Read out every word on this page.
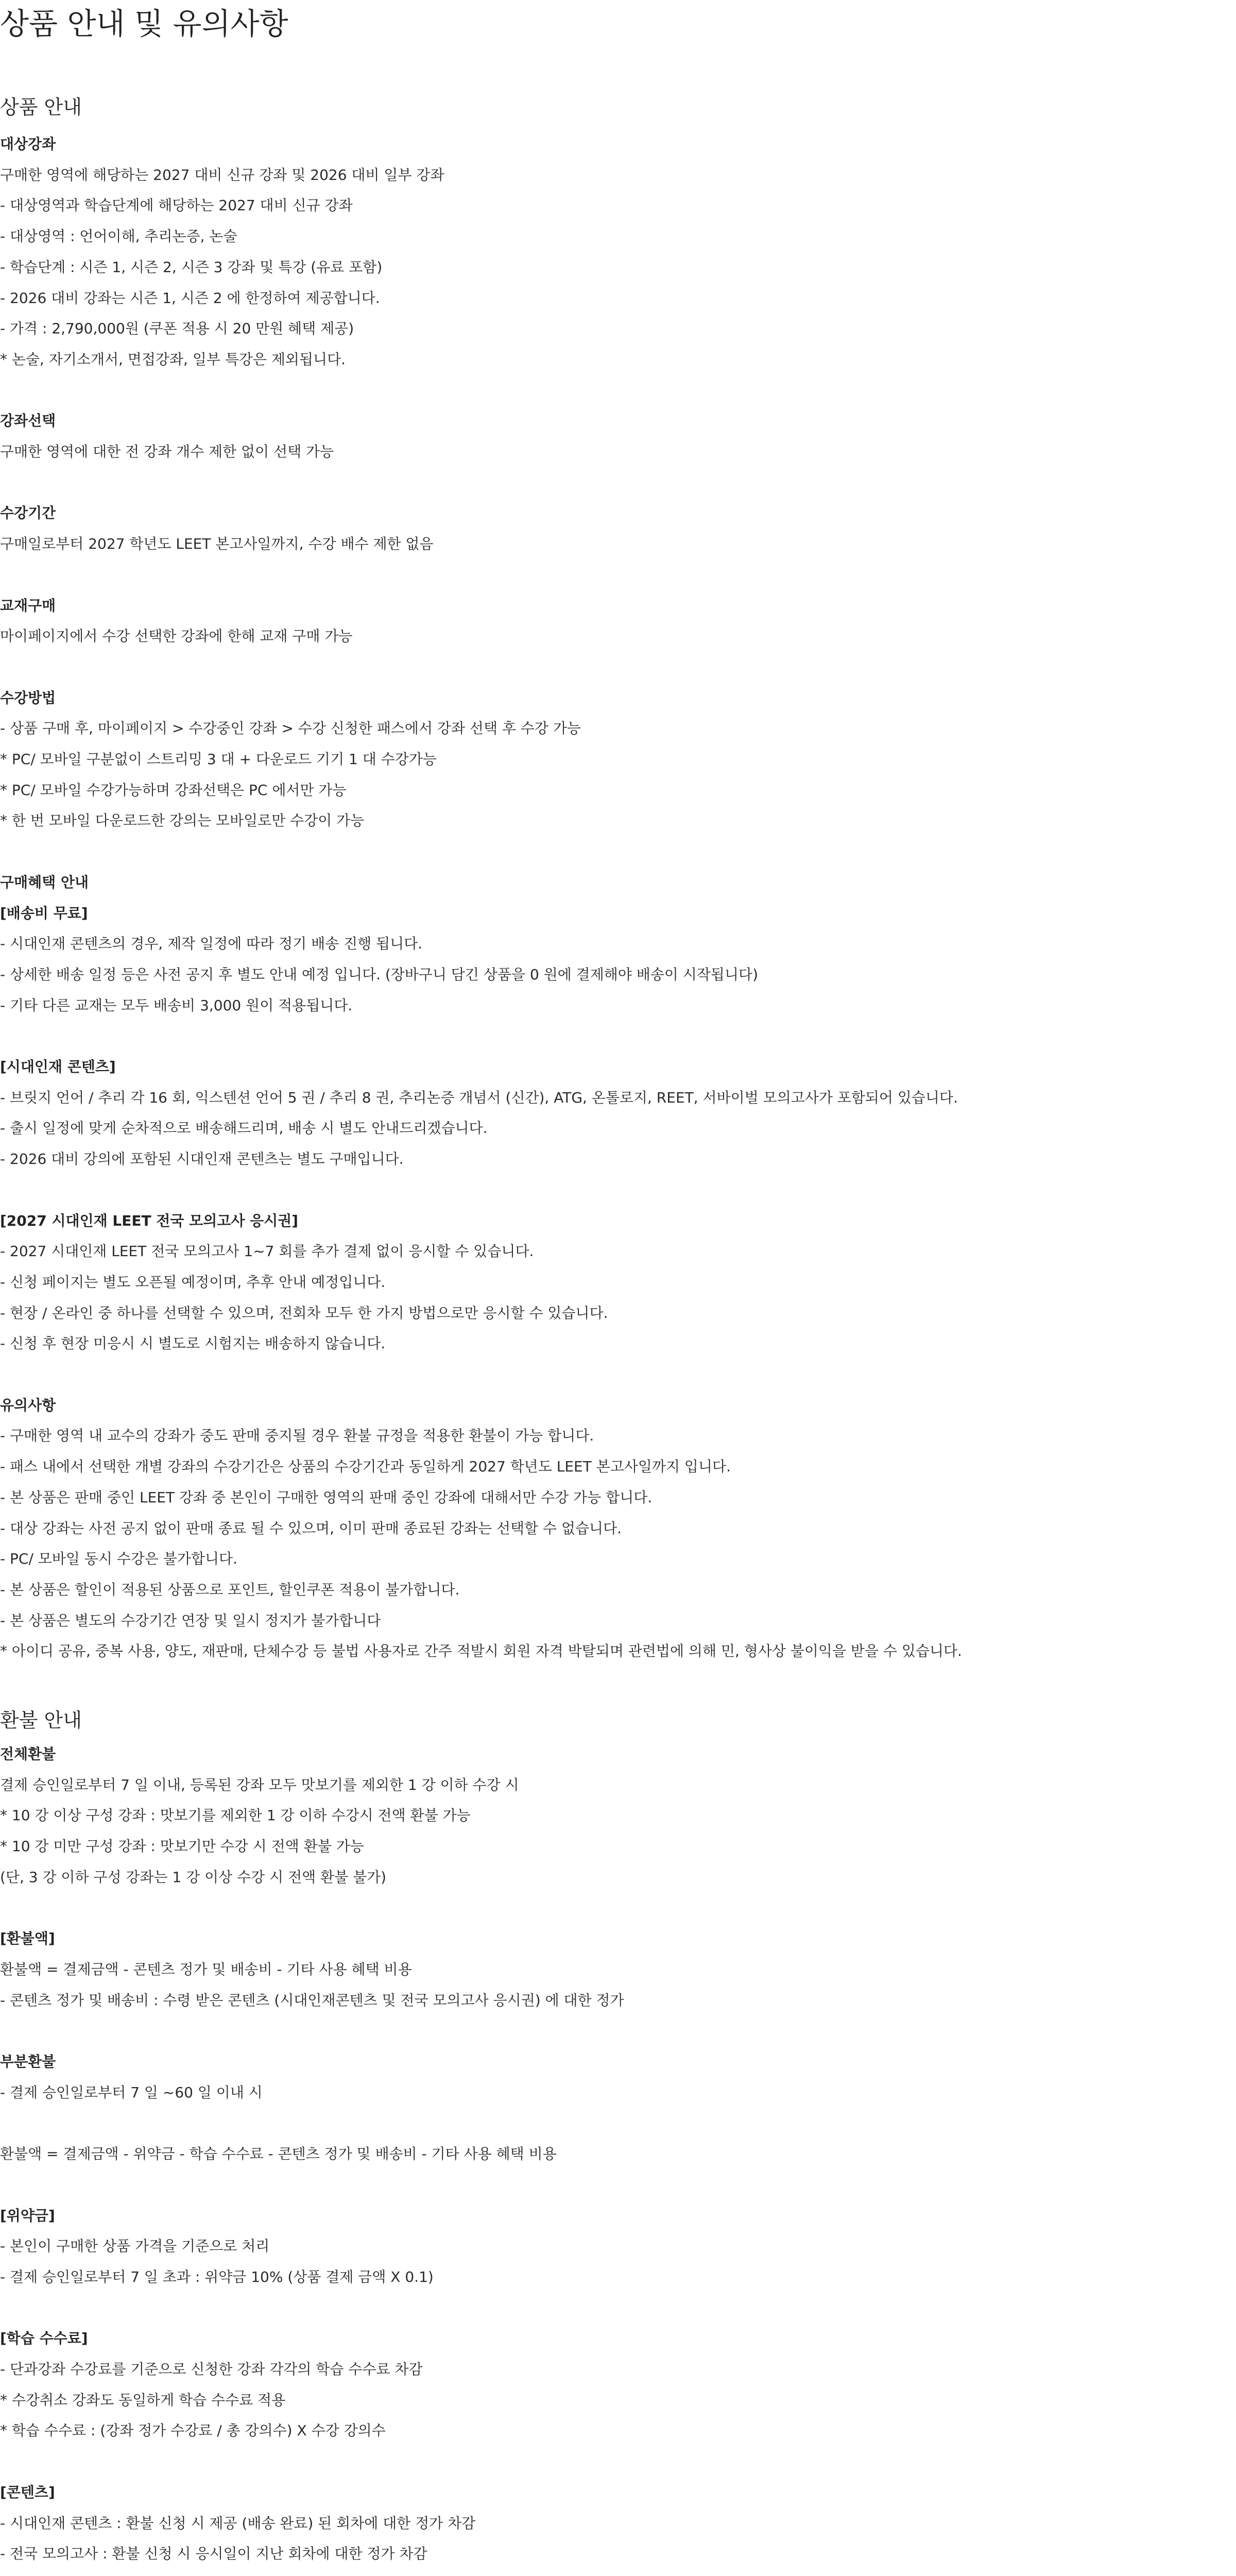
상품 안내 및 유의사항
상품 안내
대상강좌

구매한 영역에 해당하는 2027 대비 신규 강좌 및 2026 대비 일부 강좌

- 대상영역과 학습단계에 해당하는 2027 대비 신규 강좌

- 대상영역 : 언어이해, 추리논증, 논술

- 학습단계 : 시즌 1, 시즌 2, 시즌 3 강좌 및 특강 (유료 포함)

- 2026 대비 강좌는 시즌 1, 시즌 2 에 한정하여 제공합니다.

- 가격 : 2,790,000원 (쿠폰 적용 시 20 만원 혜택 제공)

* 논술, 자기소개서, 면접강좌, 일부 특강은 제외됩니다.

강좌선택

구매한 영역에 대한 전 강좌 개수 제한 없이 선택 가능

수강기간

구매일로부터 2027 학년도 LEET 본고사일까지, 수강 배수 제한 없음

교재구매

마이페이지에서 수강 선택한 강좌에 한해 교재 구매 가능

수강방법

- 상품 구매 후, 마이페이지 > 수강중인 강좌 > 수강 신청한 패스에서 강좌 선택 후 수강 가능

* PC/ 모바일 구분없이 스트리밍 3 대 + 다운로드 기기 1 대 수강가능

* PC/ 모바일 수강가능하며 강좌선택은 PC 에서만 가능

* 한 번 모바일 다운로드한 강의는 모바일로만 수강이 가능

구매혜택 안내
[배송비 무료]

- 시대인재 콘텐츠의 경우, 제작 일정에 따라 정기 배송 진행 됩니다.

- 상세한 배송 일정 등은 사전 공지 후 별도 안내 예정 입니다. (장바구니 담긴 상품을 0 원에 결제해야 배송이 시작됩니다)

- 기타 다른 교재는 모두 배송비 3,000 원이 적용됩니다.

[시대인재 콘텐츠]

- 브릿지 언어 / 추리 각 16 회, 익스텐션 언어 5 권 / 추리 8 권, 추리논증 개념서 (신간), ATG, 온톨로지, REET, 서바이벌 모의고사가 포함되어 있습니다.

- 출시 일정에 맞게 순차적으로 배송해드리며, 배송 시 별도 안내드리겠습니다.

- 2026 대비 강의에 포함된 시대인재 콘텐츠는 별도 구매입니다.

[2027 시대인재 LEET 전국 모의고사 응시권]

- 2027 시대인재 LEET 전국 모의고사 1~7 회를 추가 결제 없이 응시할 수 있습니다.

- 신청 페이지는 별도 오픈될 예정이며, 추후 안내 예정입니다.

- 현장 / 온라인 중 하나를 선택할 수 있으며, 전회차 모두 한 가지 방법으로만 응시할 수 있습니다.

- 신청 후 현장 미응시 시 별도로 시험지는 배송하지 않습니다.

유의사항

- 구매한 영역 내 교수의 강좌가 중도 판매 중지될 경우 환불 규정을 적용한 환불이 가능 합니다.

- 패스 내에서 선택한 개별 강좌의 수강기간은 상품의 수강기간과 동일하게 2027 학년도 LEET 본고사일까지 입니다.

- 본 상품은 판매 중인 LEET 강좌 중 본인이 구매한 영역의 판매 중인 강좌에 대해서만 수강 가능 합니다.

- 대상 강좌는 사전 공지 없이 판매 종료 될 수 있으며, 이미 판매 종료된 강좌는 선택할 수 없습니다.

- PC/ 모바일 동시 수강은 불가합니다.

- 본 상품은 할인이 적용된 상품으로 포인트, 할인쿠폰 적용이 불가합니다.

- 본 상품은 별도의 수강기간 연장 및 일시 정지가 불가합니다

* 아이디 공유, 중복 사용, 양도, 재판매, 단체수강 등 불법 사용자로 간주 적발시 회원 자격 박탈되며 관련법에 의해 민, 형사상 불이익을 받을 수 있습니다.

환불 안내
전체환불

결제 승인일로부터 7 일 이내, 등록된 강좌 모두 맛보기를 제외한 1 강 이하 수강 시

* 10 강 이상 구성 강좌 : 맛보기를 제외한 1 강 이하 수강시 전액 환불 가능

* 10 강 미만 구성 강좌 : 맛보기만 수강 시 전액 환불 가능

(단, 3 강 이하 구성 강좌는 1 강 이상 수강 시 전액 환불 불가)

[환불액]

환불액 = 결제금액 - 콘텐츠 정가 및 배송비 - 기타 사용 혜택 비용

- 콘텐츠 정가 및 배송비 : 수령 받은 콘텐츠 (시대인재콘텐츠 및 전국 모의고사 응시권) 에 대한 정가

부분환불

- 결제 승인일로부터 7 일 ~60 일 이내 시

환불액 = 결제금액 - 위약금 - 학습 수수료 - 콘텐츠 정가 및 배송비 - 기타 사용 혜택 비용

[위약금]

- 본인이 구매한 상품 가격을 기준으로 처리

- 결제 승인일로부터 7 일 초과 : 위약금 10% (상품 결제 금액 X 0.1)

[학습 수수료]

- 단과강좌 수강료를 기준으로 신청한 강좌 각각의 학습 수수료 차감

* 수강취소 강좌도 동일하게 학습 수수료 적용

* 학습 수수료 : (강좌 정가 수강료 / 총 강의수) X 수강 강의수

[콘텐츠]

- 시대인재 콘텐츠 : 환불 신청 시 제공 (배송 완료) 된 회차에 대한 정가 차감

- 전국 모의고사 : 환불 신청 시 응시일이 지난 회차에 대한 정가 차감
